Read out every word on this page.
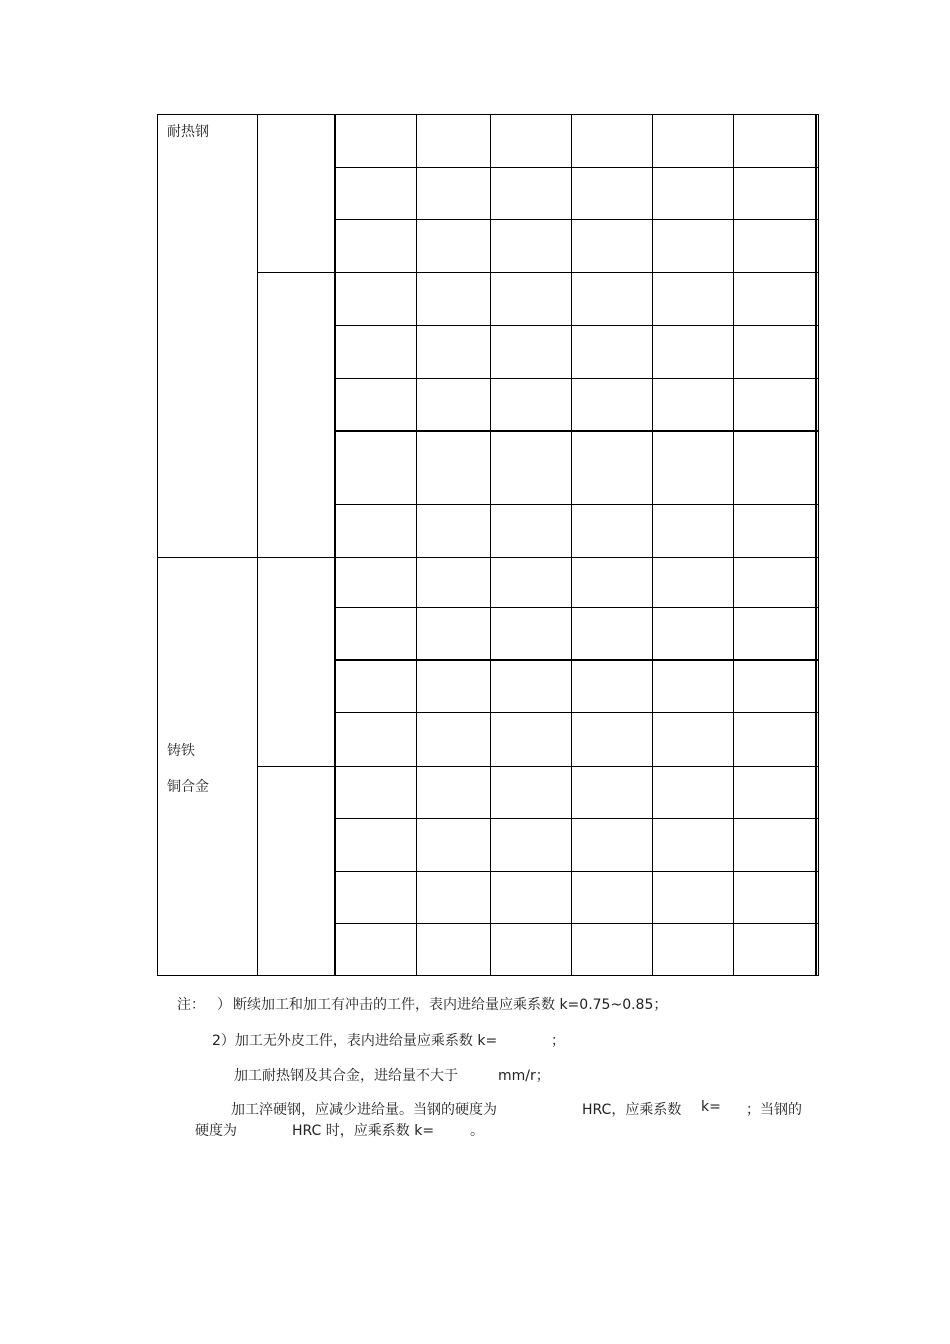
耐热钢
铸铁
铜合金
注： ） 断续加工和加工有冲击的工件，表内进给量应乘系数 k=0.75~0.85；
2）加工无外皮工件，表内进给量应乘系数 k=	；
加工耐热钢及其合金，进给量不大于	mm/r；
加工淬硬钢，应减少进给量。当钢的硬度为	HRC，应乘系数 k= ；当钢的
硬度为	HRC 时，应乘系数 k=	。
